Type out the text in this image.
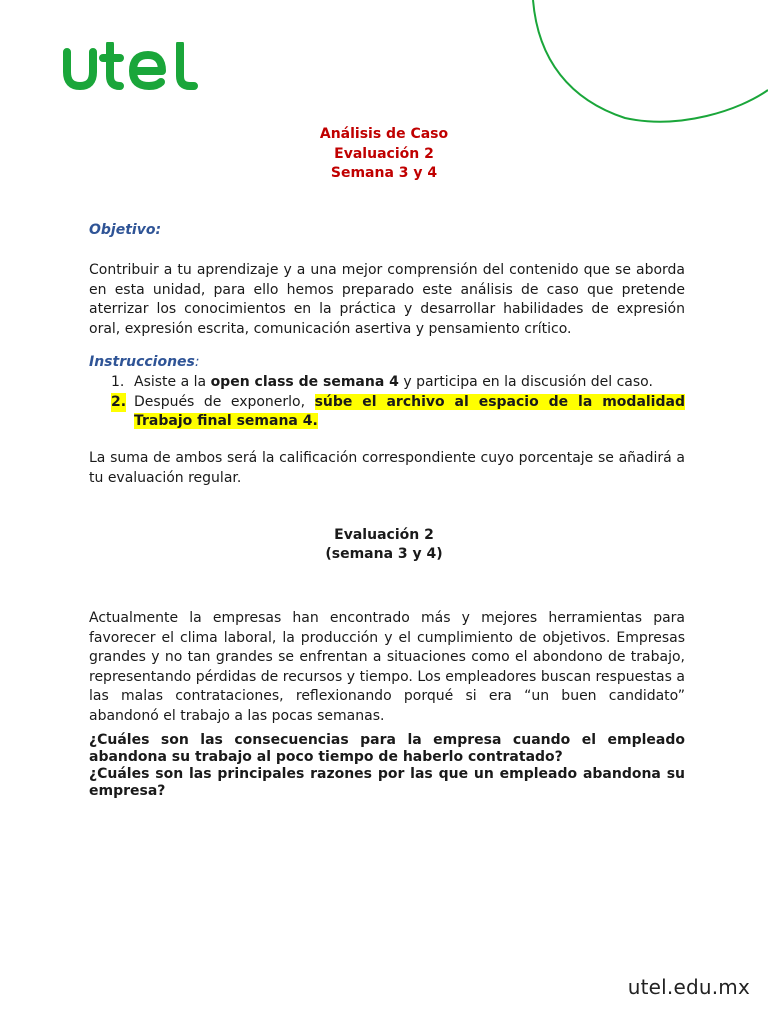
Análisis de Caso
Evaluación 2
Semana 3 y 4
Objetivo:
Contribuir a tu aprendizaje y a una mejor comprensión del contenido que se aborda en esta unidad, para ello hemos preparado este análisis de caso que pretende aterrizar los conocimientos en la práctica y desarrollar habilidades de expresión oral, expresión escrita, comunicación asertiva y pensamiento crítico.
Instrucciones:
1. Asiste a la open class de semana 4 y participa en la discusión del caso.
2. Después de exponerlo, súbe el archivo al espacio de la modalidad Trabajo final semana 4.
La suma de ambos será la calificación correspondiente cuyo porcentaje se añadirá a tu evaluación regular.
Evaluación 2
(semana 3 y 4)
Actualmente la empresas han encontrado más y mejores herramientas para favorecer el clima laboral, la producción y el cumplimiento de objetivos. Empresas grandes y no tan grandes se enfrentan a situaciones como el abondono de trabajo, representando pérdidas de recursos y tiempo. Los empleadores buscan respuestas a las malas contrataciones, reflexionando porqué si era “un buen candidato” abandonó el trabajo a las pocas semanas.
¿Cuáles son las consecuencias para la empresa cuando el empleado abandona su trabajo al poco tiempo de haberlo contratado?
¿Cuáles son las principales razones por las que un empleado abandona su empresa?
utel.edu.mx
